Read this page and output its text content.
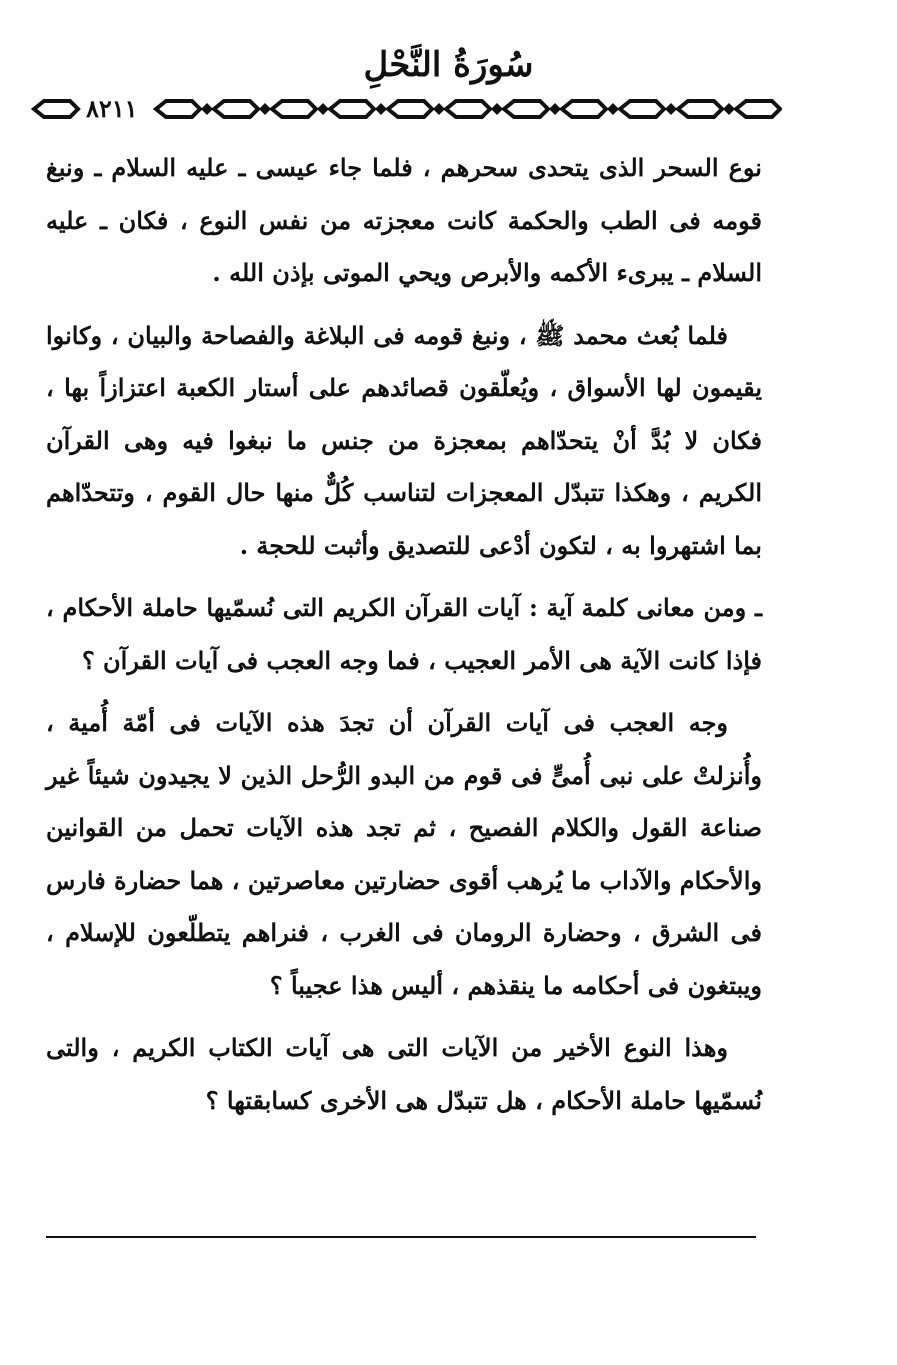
سُورَةُ النَّحْلِ
٨٢١١

نوع السحر الذى يتحدى سحرهم ، فلما جاء عيسى ـ عليه السلام ـ ونبغ قومه فى الطب والحكمة كانت معجزته من نفس النوع ، فكان ـ عليه السلام ـ يبرىء الأكمه والأبرص ويحي الموتى بإذن الله .

فلما بُعث محمد ﷺ ، ونبغ قومه فى البلاغة والفصاحة والبيان ، وكانوا يقيمون لها الأسواق ، ويُعلّقون قصائدهم على أستار الكعبة اعتزازاً بها ، فكان لا بُدَّ أنْ يتحدّاهم بمعجزة من جنس ما نبغوا فيه وهى القرآن الكريم ، وهكذا تتبدّل المعجزات لتناسب كُلٌّ منها حال القوم ، وتتحدّاهم بما اشتهروا به ، لتكون أدْعى للتصديق وأثبت للحجة .

ـ ومن معانى كلمة آية : آيات القرآن الكريم التى نُسمّيها حاملة الأحكام ، فإذا كانت الآية هى الأمر العجيب ، فما وجه العجب فى آيات القرآن ؟

وجه العجب فى آيات القرآن أن تجدَ هذه الآيات فى أمّة أُمية ، وأُنزلتْ على نبى أُمىٍّ فى قوم من البدو الرُّحل الذين لا يجيدون شيئاً غير صناعة القول والكلام الفصيح ، ثم تجد هذه الآيات تحمل من القوانين والأحكام والآداب ما يُرهب أقوى حضارتين معاصرتين ، هما حضارة فارس فى الشرق ، وحضارة الرومان فى الغرب ، فنراهم يتطلّعون للإسلام ، ويبتغون فى أحكامه ما ينقذهم ، أليس هذا عجيباً ؟

وهذا النوع الأخير من الآيات التى هى آيات الكتاب الكريم ، والتى نُسمّيها حاملة الأحكام ، هل تتبدّل هى الأخرى كسابقتها ؟
